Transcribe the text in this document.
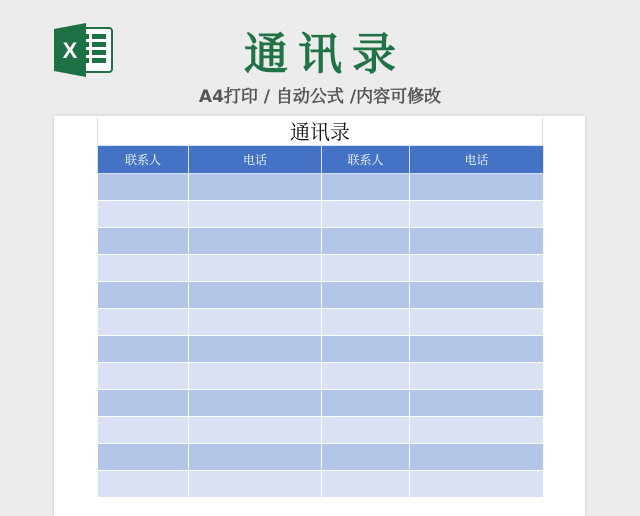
X	通讯录
A4打印 / 自动公式 /内容可修改
通讯录
联系人	电话	联系人	电话
